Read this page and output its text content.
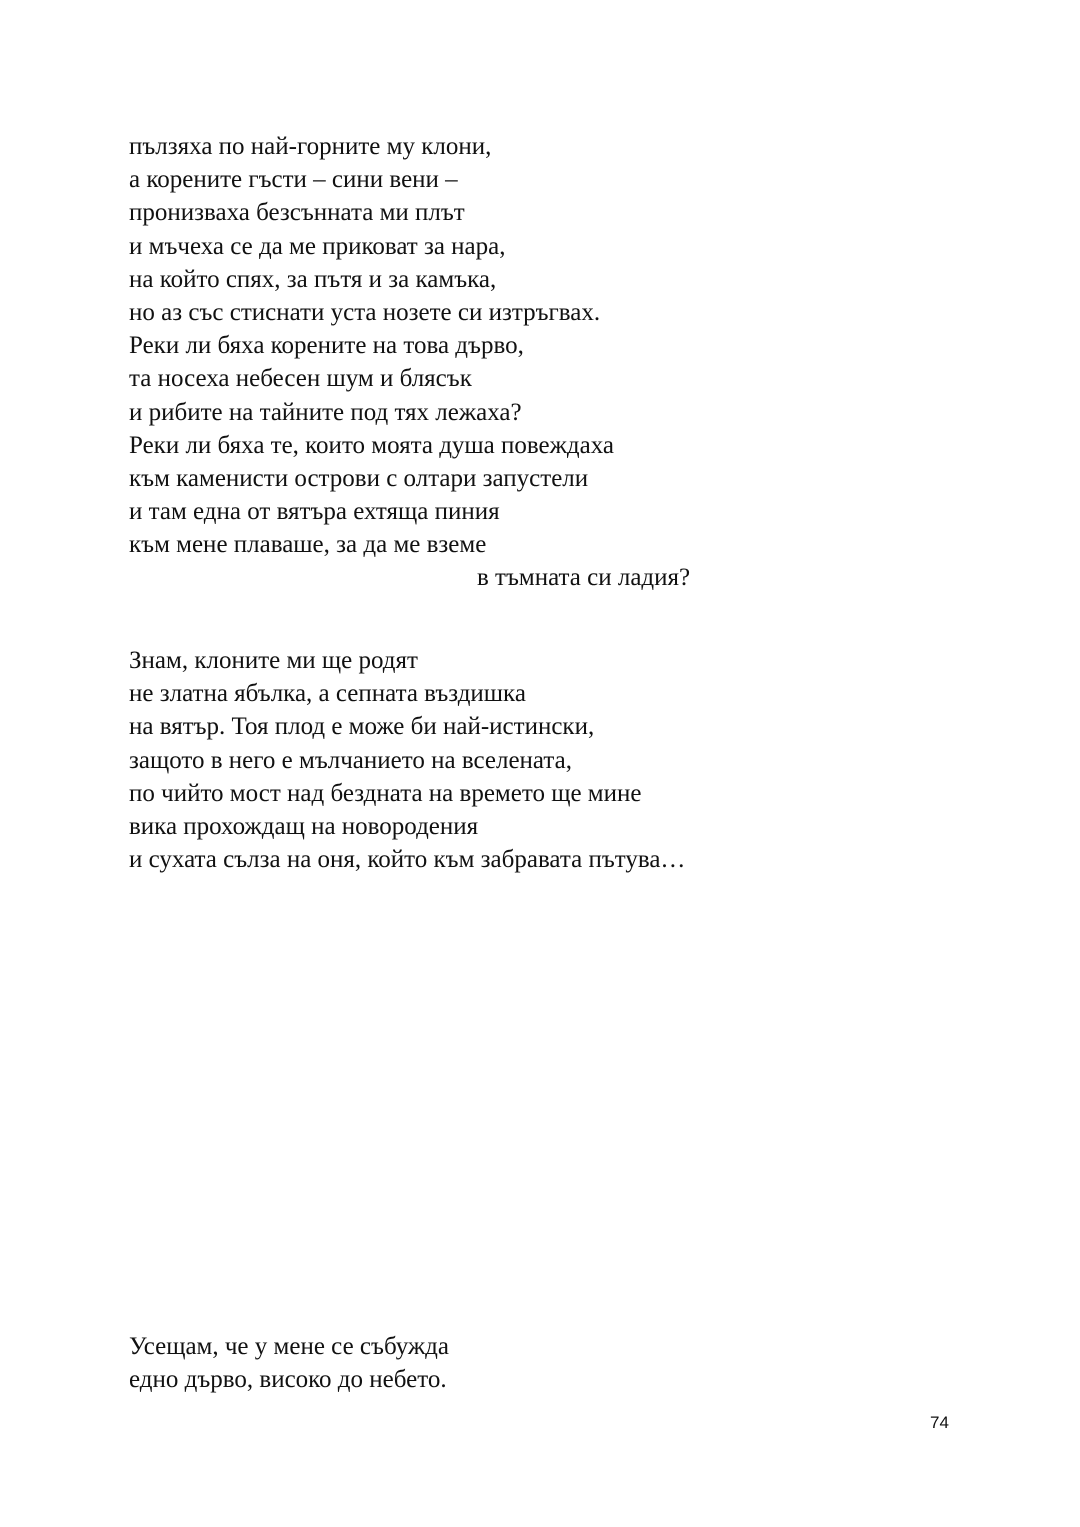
пълзяха по най-горните му клони,
а корените гъсти – сини вени –
пронизваха безсънната ми плът
и мъчеха се да ме приковат за нара,
на който спях, за пътя и за камъка,
но аз със стиснати уста нозете си изтръгвах.
Реки ли бяха корените на това дърво,
та носеха небесен шум и блясък
и рибите на тайните под тях лежаха?
Реки ли бяха те, които моята душа повеждаха
към каменисти острови с олтари запустели
и там една от вятъра ехтяща пиния
към мене плаваше, за да ме вземе
в тъмната си ладия?
Знам, клоните ми ще родят
не златна ябълка, а сепната въздишка
на вятър. Тоя плод е може би най-истински,
защото в него е мълчанието на вселената,
по чийто мост над бездната на времето ще мине
вика прохождащ на новородения
и сухата сълза на оня, който към забравата пътува…
Усещам, че у мене се събужда
едно дърво, високо до небето.
74
